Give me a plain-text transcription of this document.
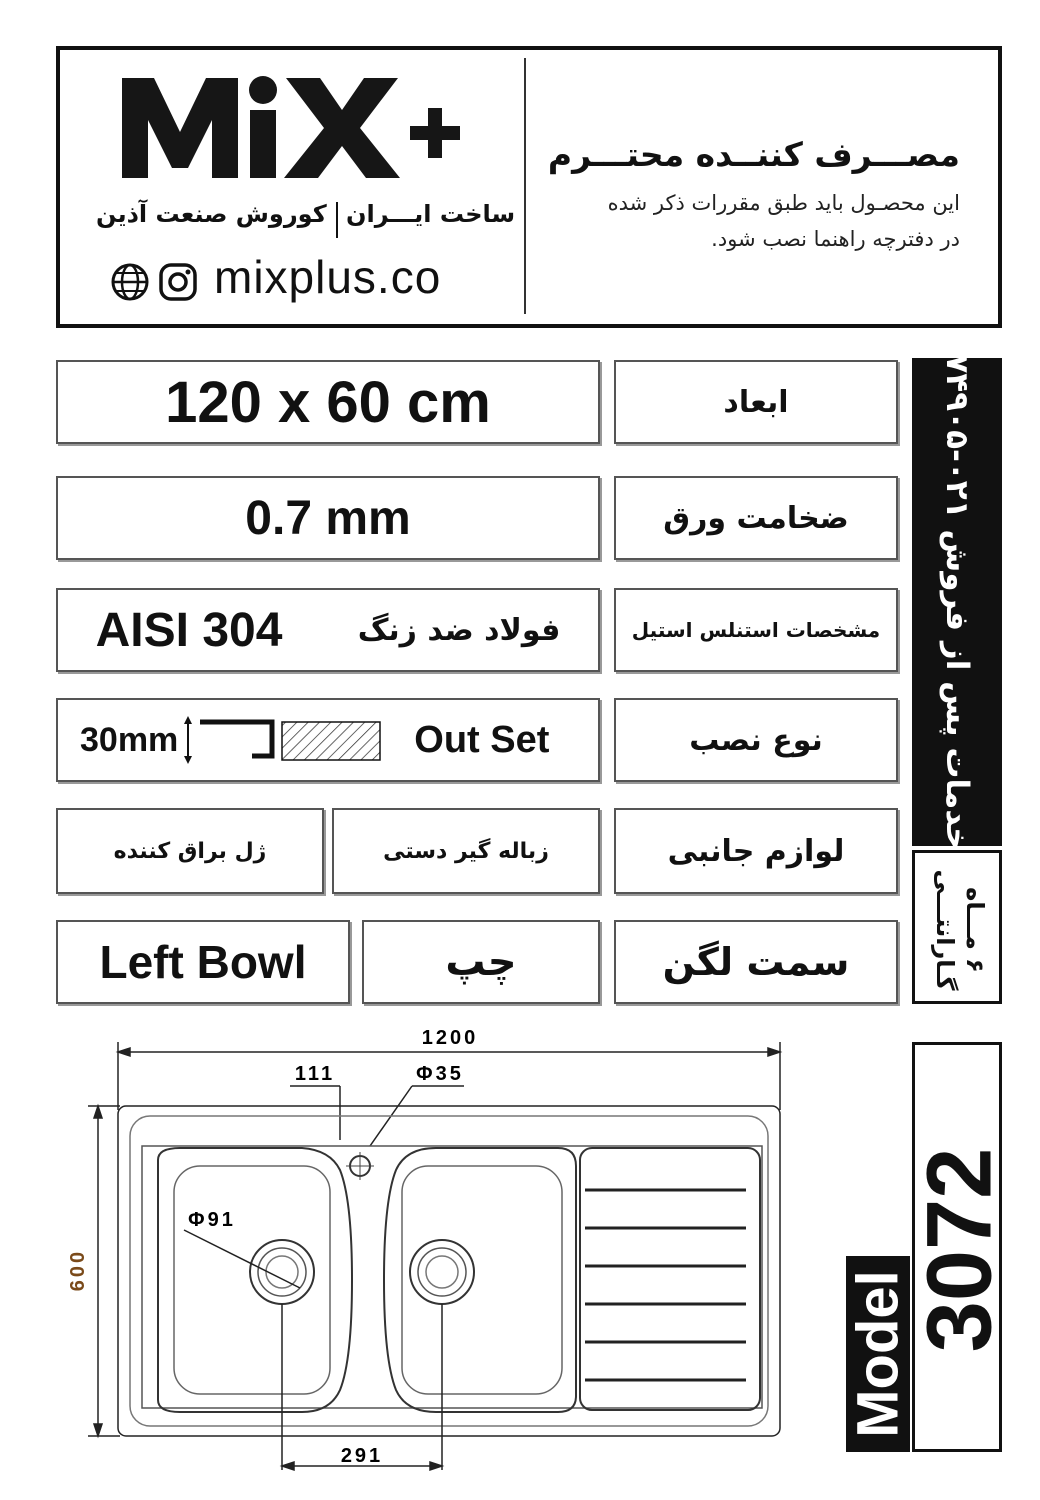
کوروش صنعت آذین ساخت ایـــران
mixplus.co
مصـــرف کننــده محتـــرم
این محصـول باید طبق مقررات ذکر شده
در دفترچه راهنما نصب شود.
120 x 60 cm	ابعاد
0.7 mm	ضخامت ورق
AISI 304	فولاد ضد زنگ	مشخصات استنلس استیل
30mm	Out Set	نوع نصب
ژل براق کننده	زباله گیر دستی	لوازم جانبی
Left Bowl	چپ	سمت لگن
خدمات پس از فروش ۰۲۱-۷۴۹۰۵
۶ مـــاه
گـارانتـــی
Model
3072
1200
111	Φ35
Φ91
291
600
